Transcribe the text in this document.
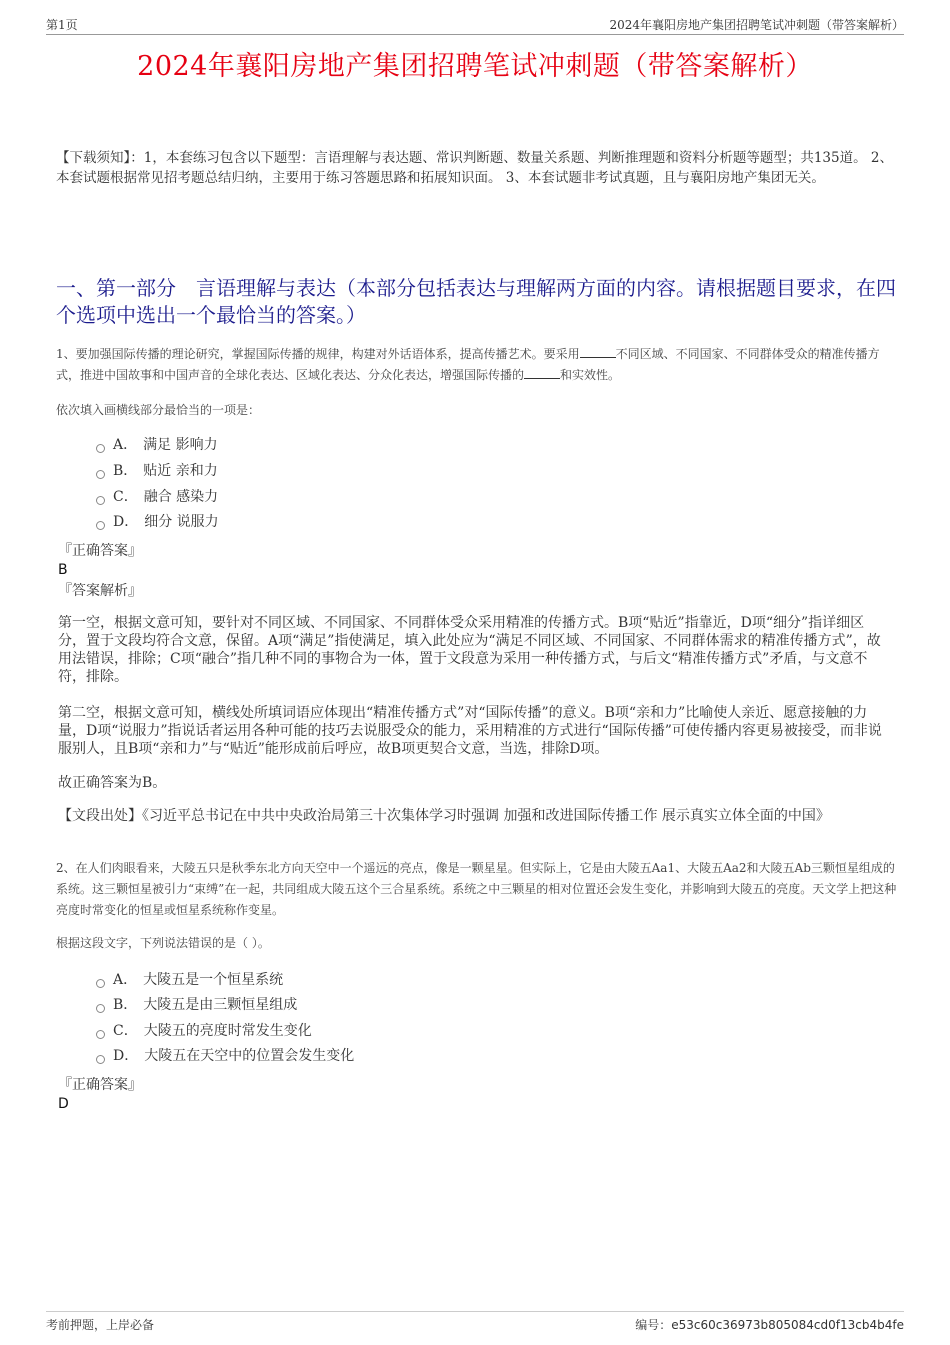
第1页	2024年襄阳房地产集团招聘笔试冲刺题（带答案解析）
2024年襄阳房地产集团招聘笔试冲刺题（带答案解析）
【下载须知】：1，本套练习包含以下题型：言语理解与表达题、常识判断题、数量关系题、判断推理题和资料分析题等题型；共135道。 2、本套试题根据常见招考题总结归纳，主要用于练习答题思路和拓展知识面。 3、本套试题非考试真题，且与襄阳房地产集团无关。
一、第一部分　言语理解与表达（本部分包括表达与理解两方面的内容。请根据题目要求，在四个选项中选出一个最恰当的答案。）
1、要加强国际传播的理论研究，掌握国际传播的规律，构建对外话语体系，提高传播艺术。要采用	不同区域、不同国家、不同群体受众的精准传播方式，推进中国故事和中国声音的全球化表达、区域化表达、分众化表达，增强国际传播的	和实效性。
依次填入画横线部分最恰当的一项是：
A． 满足 影响力
B． 贴近 亲和力
C． 融合 感染力
D． 细分 说服力
『正确答案』
B
『答案解析』
第一空，根据文意可知，要针对不同区域、不同国家、不同群体受众采用精准的传播方式。B项“贴近”指靠近，D项“细分”指详细区分，置于文段均符合文意，保留。A项“满足”指使满足，填入此处应为“满足不同区域、不同国家、不同群体需求的精准传播方式”，故用法错误，排除；C项“融合”指几种不同的事物合为一体，置于文段意为采用一种传播方式，与后文“精准传播方式”矛盾，与文意不符，排除。
第二空，根据文意可知，横线处所填词语应体现出“精准传播方式”对“国际传播”的意义。B项“亲和力”比喻使人亲近、愿意接触的力量，D项“说服力”指说话者运用各种可能的技巧去说服受众的能力，采用精准的方式进行“国际传播”可使传播内容更易被接受，而非说服别人，且B项“亲和力”与“贴近”能形成前后呼应，故B项更契合文意，当选，排除D项。
故正确答案为B。
【文段出处】《习近平总书记在中共中央政治局第三十次集体学习时强调 加强和改进国际传播工作 展示真实立体全面的中国》
2、在人们肉眼看来，大陵五只是秋季东北方向天空中一个遥远的亮点，像是一颗星星。但实际上，它是由大陵五Aa1、大陵五Aa2和大陵五Ab三颗恒星组成的系统。这三颗恒星被引力“束缚”在一起，共同组成大陵五这个三合星系统。系统之中三颗星的相对位置还会发生变化，并影响到大陵五的亮度。天文学上把这种亮度时常变化的恒星或恒星系统称作变星。
根据这段文字，下列说法错误的是（ ）。
A． 大陵五是一个恒星系统
B． 大陵五是由三颗恒星组成
C． 大陵五的亮度时常发生变化
D． 大陵五在天空中的位置会发生变化
『正确答案』
D
考前押题，上岸必备	编号：e53c60c36973b805084cd0f13cb4b4fe
